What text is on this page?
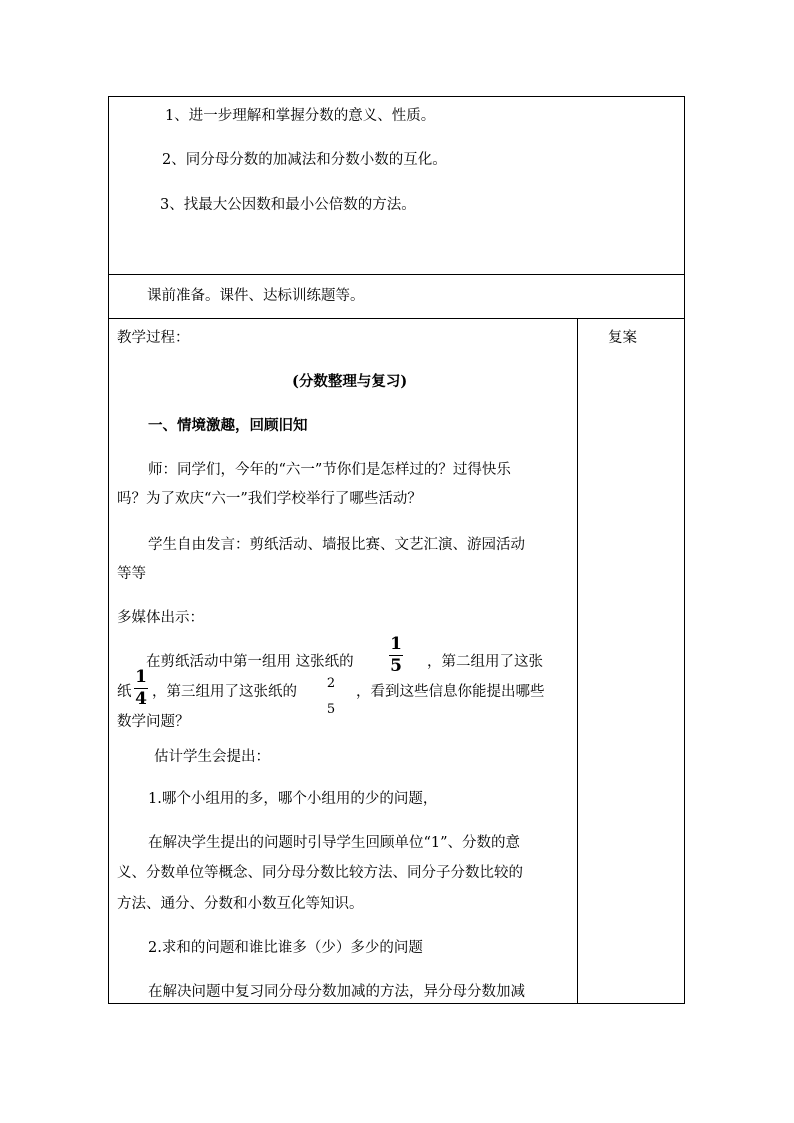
1、进一步理解和掌握分数的意义、性质。
2、同分母分数的加减法和分数小数的互化。
3、找最大公因数和最小公倍数的方法。
课前准备。课件、达标训练题等。
教学过程：	复案
(分数整理与复习)
一、情境激趣，回顾旧知
师：同学们，今年的“六一”节你们是怎样过的？过得快乐
吗？为了欢庆“六一”我们学校举行了哪些活动？
学生自由发言：剪纸活动、墙报比赛、文艺汇演、游园活动
等等
多媒体出示：
在剪纸活动中第一组用 这张纸的
1
5 ，第二组用了这张
纸
1
4 ，第三组用了这张纸的
2
5
，看到这些信息你能提出哪些
数学问题？
估计学生会提出：
1.哪个小组用的多，哪个小组用的少的问题，
在解决学生提出的问题时引导学生回顾单位“1”、分数的意
义、分数单位等概念、同分母分数比较方法、同分子分数比较的
方法、通分、分数和小数互化等知识。
2.求和的问题和谁比谁多（少）多少的问题
在解决问题中复习同分母分数加减的方法，异分母分数加减
